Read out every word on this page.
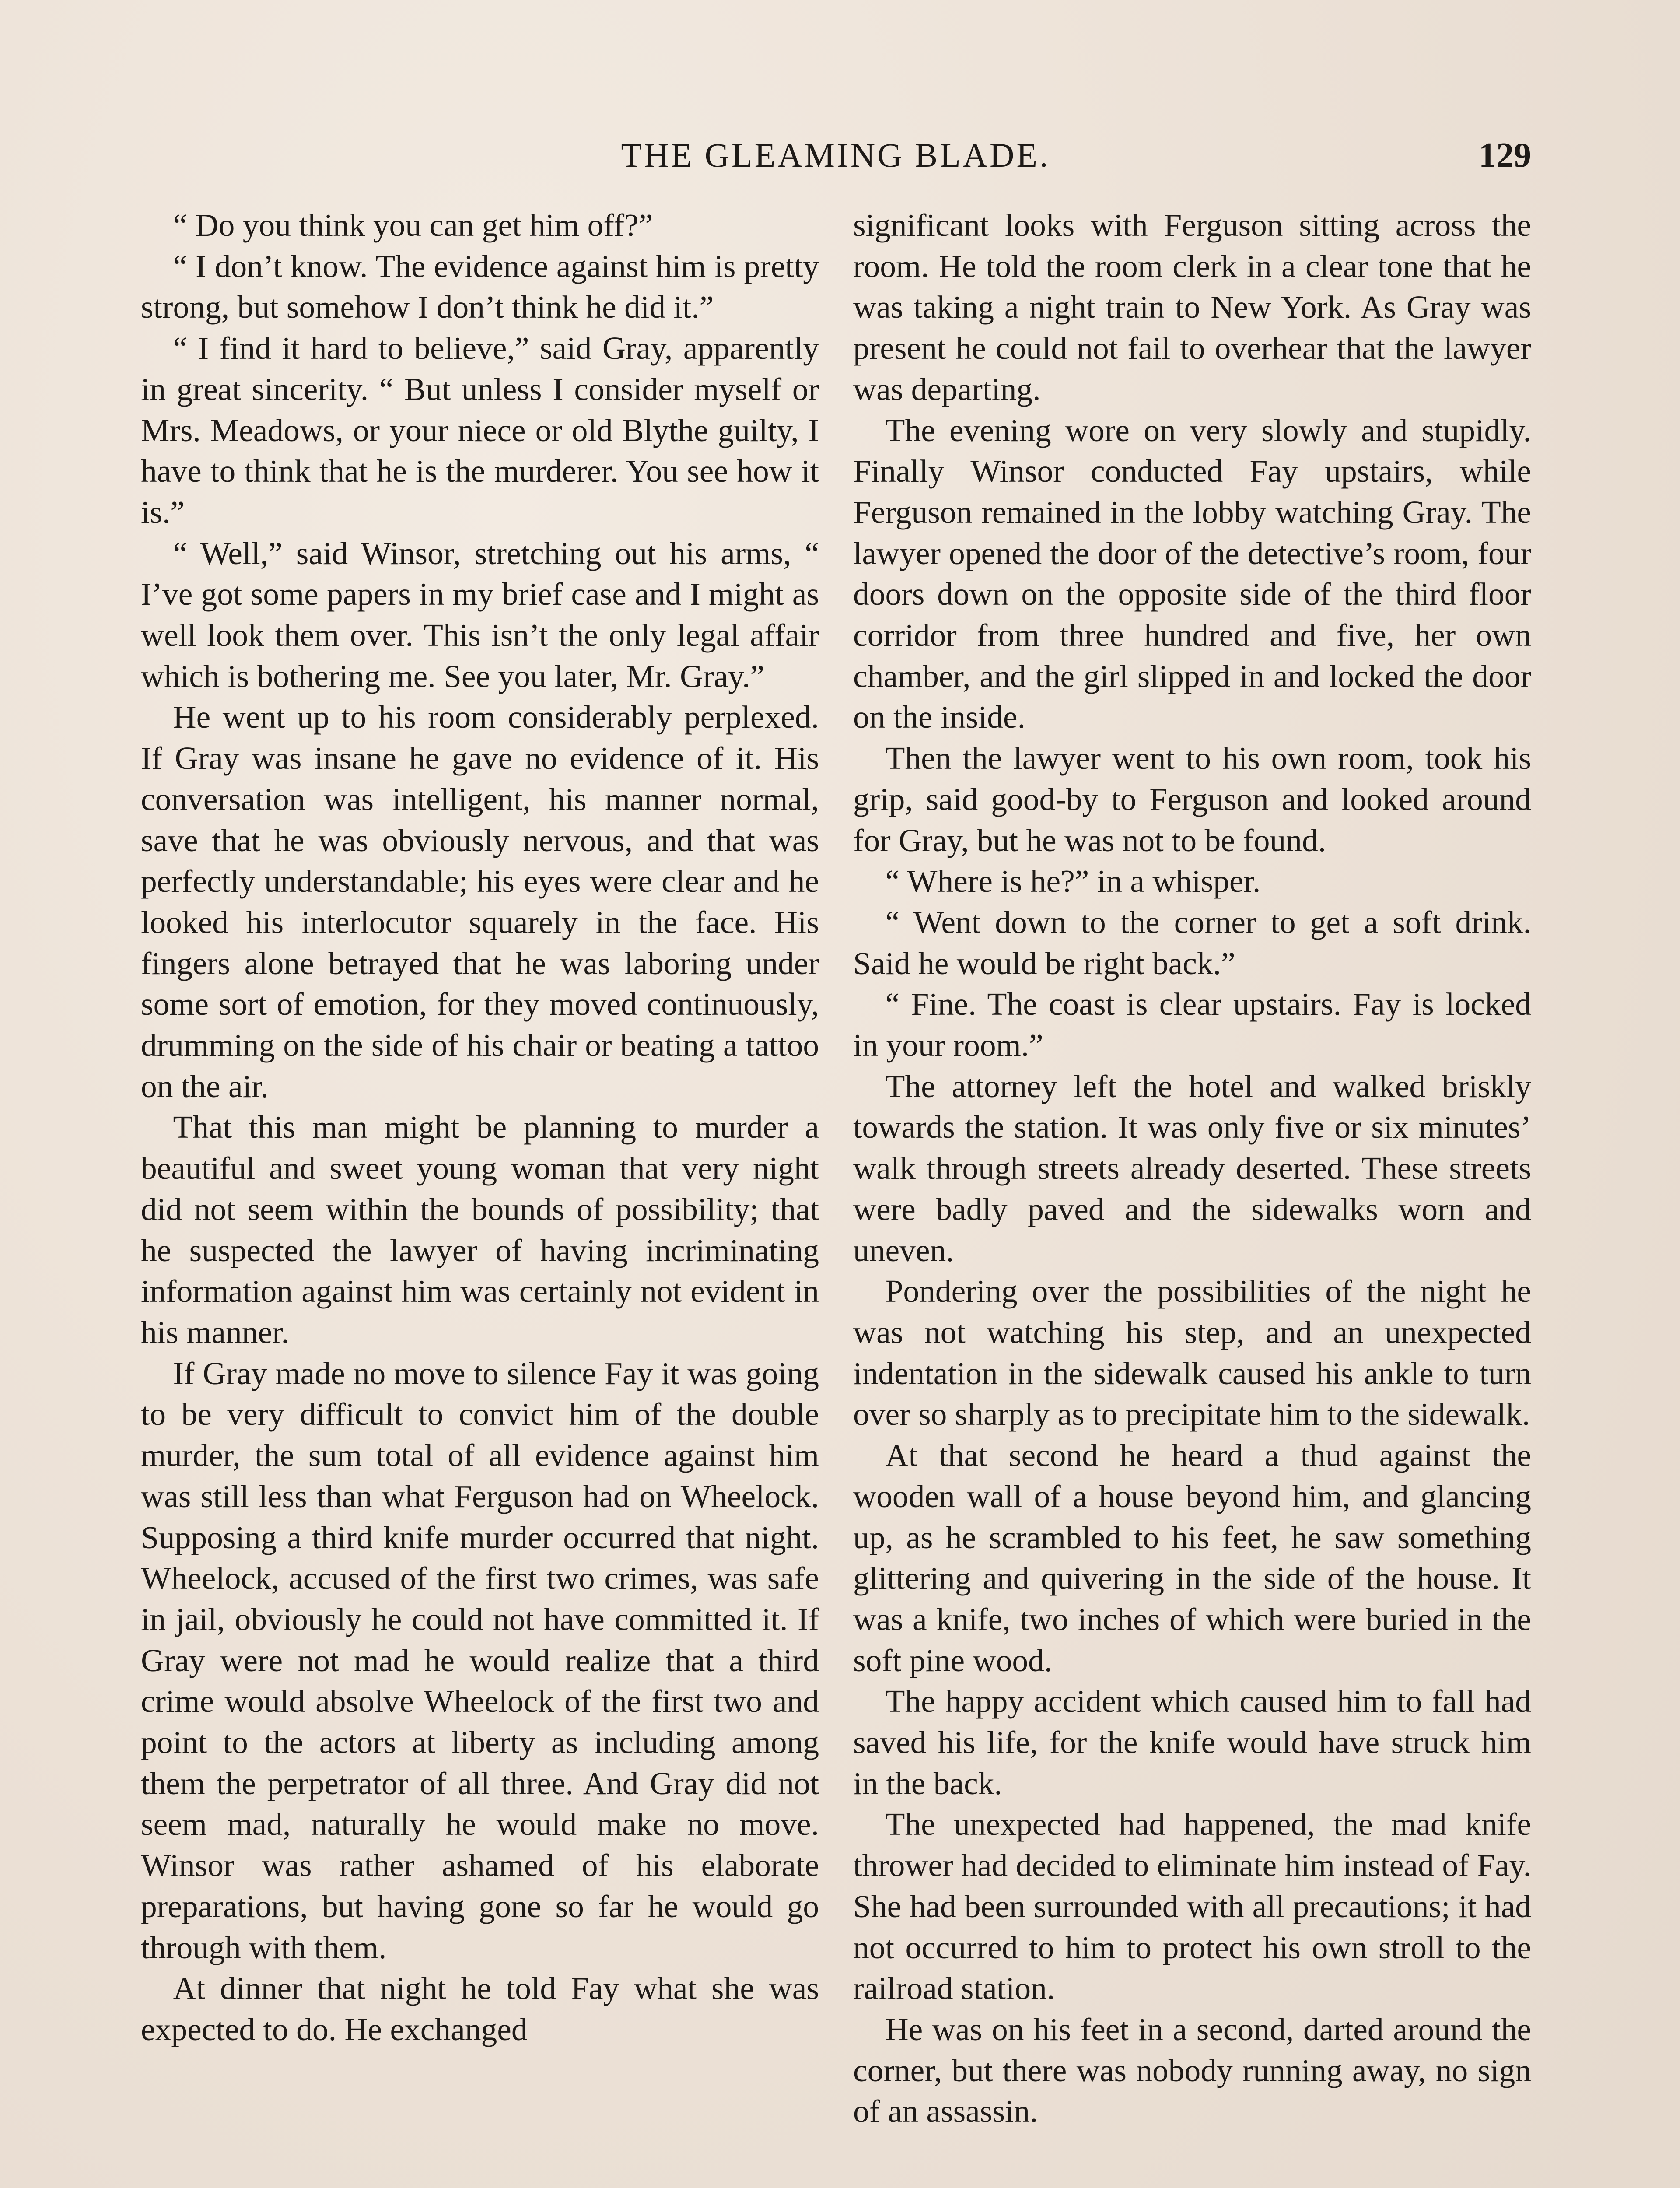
THE GLEAMING BLADE.	129

“ Do you think you can get him off?”

“ I don’t know. The evidence against him is pretty strong, but somehow I don’t think he did it.”

“ I find it hard to believe,” said Gray, apparently in great sincerity. “ But unless I consider myself or Mrs. Meadows, or your niece or old Blythe guilty, I have to think that he is the murderer. You see how it is.”

“ Well,” said Winsor, stretching out his arms, “ I’ve got some papers in my brief case and I might as well look them over. This isn’t the only legal affair which is bothering me. See you later, Mr. Gray.”

He went up to his room considerably perplexed. If Gray was insane he gave no evidence of it. His conversation was intelligent, his manner normal, save that he was obviously nervous, and that was perfectly understandable; his eyes were clear and he looked his interlocutor squarely in the face. His fingers alone betrayed that he was laboring under some sort of emotion, for they moved continuously, drumming on the side of his chair or beating a tattoo on the air.

That this man might be planning to murder a beautiful and sweet young woman that very night did not seem within the bounds of possibility; that he suspected the lawyer of having incriminating information against him was certainly not evident in his manner.

If Gray made no move to silence Fay it was going to be very difficult to convict him of the double murder, the sum total of all evidence against him was still less than what Ferguson had on Wheelock. Supposing a third knife murder occurred that night. Wheelock, accused of the first two crimes, was safe in jail, obviously he could not have committed it. If Gray were not mad he would realize that a third crime would absolve Wheelock of the first two and point to the actors at liberty as including among them the perpetrator of all three. And Gray did not seem mad, naturally he would make no move. Winsor was rather ashamed of his elaborate preparations, but having gone so far he would go through with them.

At dinner that night he told Fay what she was expected to do. He exchanged

significant looks with Ferguson sitting across the room. He told the room clerk in a clear tone that he was taking a night train to New York. As Gray was present he could not fail to overhear that the lawyer was departing.

The evening wore on very slowly and stupidly. Finally Winsor conducted Fay upstairs, while Ferguson remained in the lobby watching Gray. The lawyer opened the door of the detective’s room, four doors down on the opposite side of the third floor corridor from three hundred and five, her own chamber, and the girl slipped in and locked the door on the inside.

Then the lawyer went to his own room, took his grip, said good-by to Ferguson and looked around for Gray, but he was not to be found.

“ Where is he?” in a whisper.

“ Went down to the corner to get a soft drink. Said he would be right back.”

“ Fine. The coast is clear upstairs. Fay is locked in your room.”

The attorney left the hotel and walked briskly towards the station. It was only five or six minutes’ walk through streets already deserted. These streets were badly paved and the sidewalks worn and uneven.

Pondering over the possibilities of the night he was not watching his step, and an unexpected indentation in the sidewalk caused his ankle to turn over so sharply as to precipitate him to the sidewalk.

At that second he heard a thud against the wooden wall of a house beyond him, and glancing up, as he scrambled to his feet, he saw something glittering and quivering in the side of the house. It was a knife, two inches of which were buried in the soft pine wood.

The happy accident which caused him to fall had saved his life, for the knife would have struck him in the back.

The unexpected had happened, the mad knife thrower had decided to eliminate him instead of Fay. She had been surrounded with all precautions; it had not occurred to him to protect his own stroll to the railroad station.

He was on his feet in a second, darted around the corner, but there was nobody running away, no sign of an assassin.
